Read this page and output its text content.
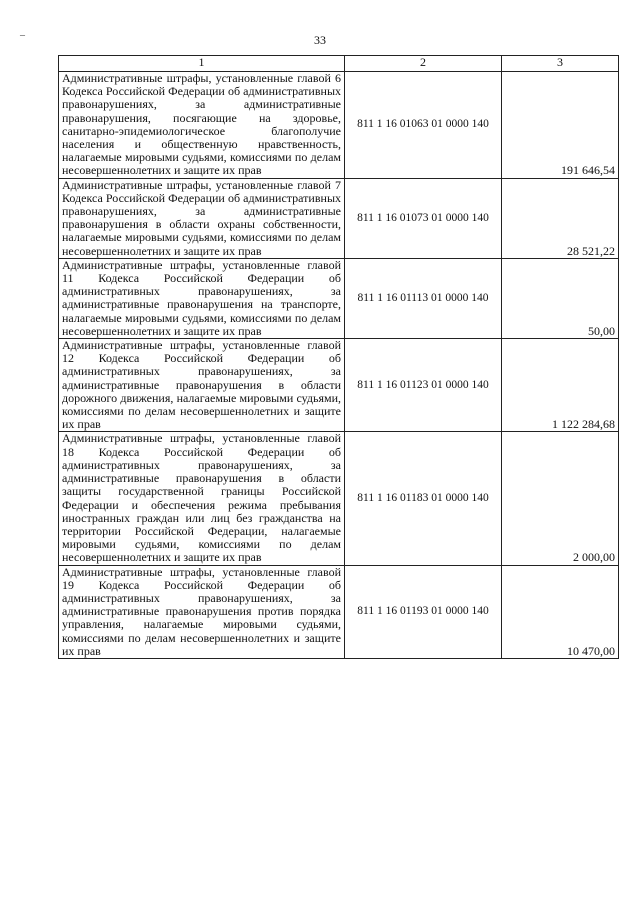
–	33
1	2	3
Административные штрафы, установленные главой 6 Кодекса Российской Федерации об административных правонарушениях, за административные правонарушения, посягающие на здоровье, санитарно-эпидемиологическое благополучие населения и общественную нравственность, налагаемые мировыми судьями, комиссиями по делам несовершеннолетних и защите их прав	811 1 16 01063 01 0000 140	191 646,54
Административные штрафы, установленные главой 7 Кодекса Российской Федерации об административных правонарушениях, за административные правонарушения в области охраны собственности, налагаемые мировыми судьями, комиссиями по делам несовершеннолетних и защите их прав	811 1 16 01073 01 0000 140	28 521,22
Административные штрафы, установленные главой 11 Кодекса Российской Федерации об административных правонарушениях, за административные правонарушения на транспорте, налагаемые мировыми судьями, комиссиями по делам несовершеннолетних и защите их прав	811 1 16 01113 01 0000 140	50,00
Административные штрафы, установленные главой 12 Кодекса Российской Федерации об административных правонарушениях, за административные правонарушения в области дорожного движения, налагаемые мировыми судьями, комиссиями по делам несовершеннолетних и защите их прав	811 1 16 01123 01 0000 140	1 122 284,68
Административные штрафы, установленные главой 18 Кодекса Российской Федерации об административных правонарушениях, за административные правонарушения в области защиты государственной границы Российской Федерации и обеспечения режима пребывания иностранных граждан или лиц без гражданства на территории Российской Федерации, налагаемые мировыми судьями, комиссиями по делам несовершеннолетних и защите их прав	811 1 16 01183 01 0000 140	2 000,00
Административные штрафы, установленные главой 19 Кодекса Российской Федерации об административных правонарушениях, за административные правонарушения против порядка управления, налагаемые мировыми судьями, комиссиями по делам несовершеннолетних и защите их прав	811 1 16 01193 01 0000 140	10 470,00
